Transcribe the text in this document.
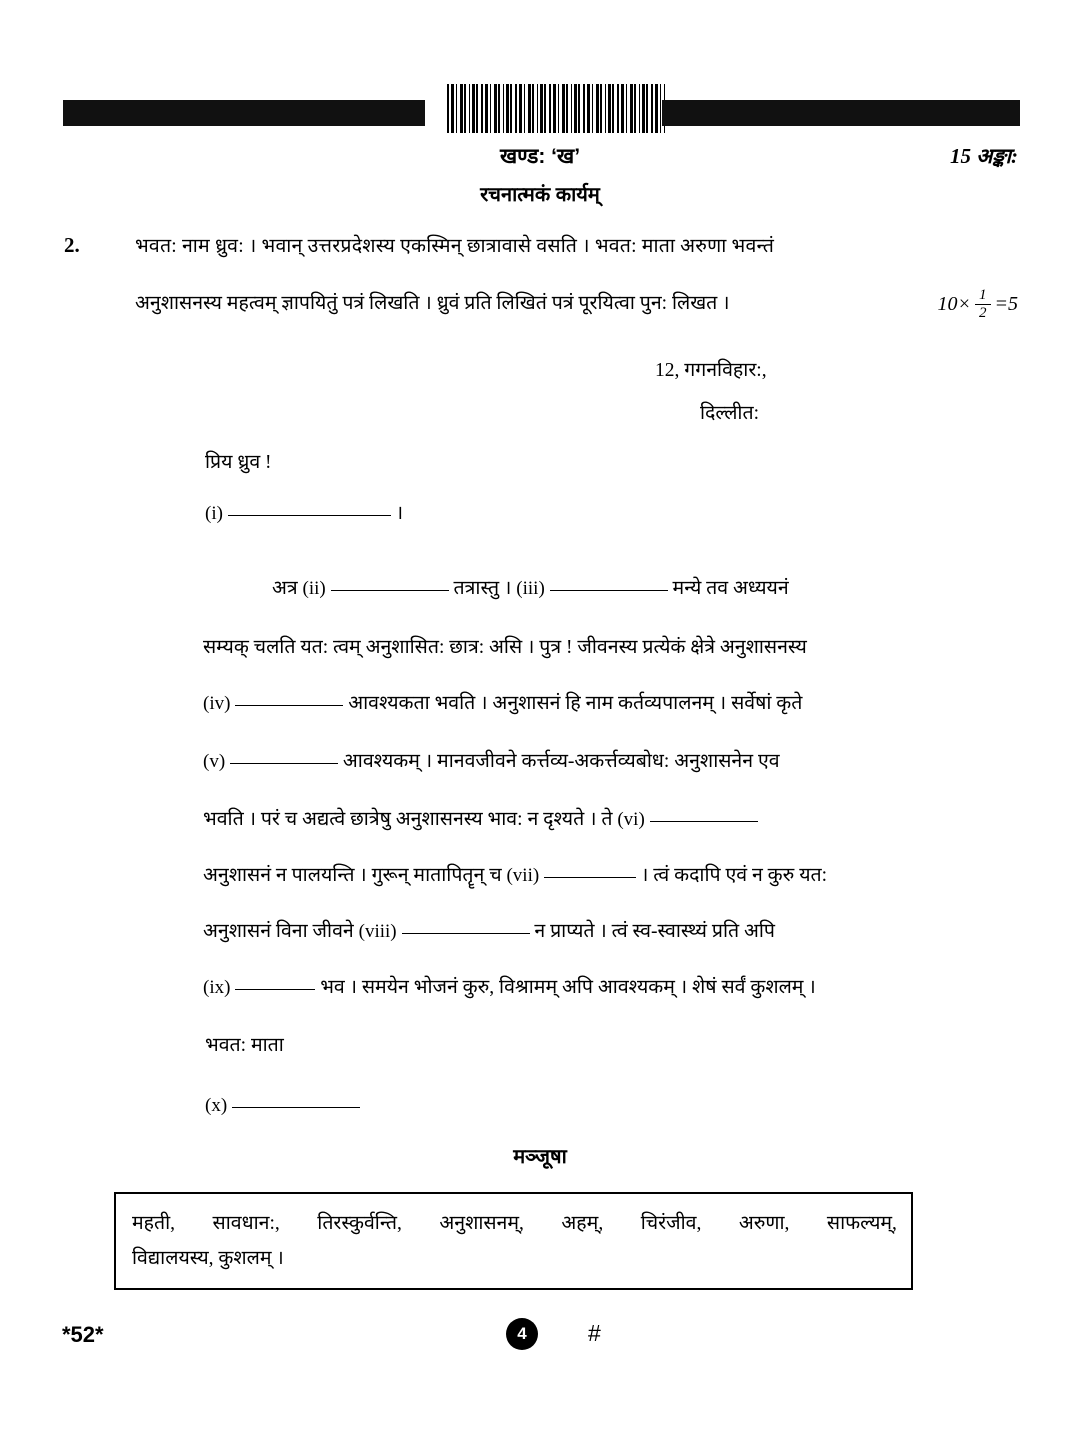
खण्ड: ‘ख’
रचनात्मकं कार्यम्
15 अङ्का:
2.	भवत: नाम ध्रुव: । भवान् उत्तरप्रदेशस्य एकस्मिन् छात्रावासे वसति । भवत: माता अरुणा भवन्तं
अनुशासनस्य महत्वम् ज्ञापयितुं पत्रं लिखति । ध्रुवं प्रति लिखितं पत्रं पूरयित्वा पुन: लिखत ।	$10\times \frac{1}{2} =5$
12, गगनविहार:,
दिल्लीत:
प्रिय ध्रुव !
(i)	।
अत्र (ii)	तत्रास्तु । (iii)	मन्ये तव अध्ययनं
सम्यक् चलति यत: त्वम् अनुशासित: छात्र: असि । पुत्र ! जीवनस्य प्रत्येकं क्षेत्रे अनुशासनस्य
(iv)	आवश्यकता भवति । अनुशासनं हि नाम कर्तव्यपालनम् । सर्वेषां कृते
(v)	आवश्यकम् । मानवजीवने कर्त्तव्य-अकर्त्तव्यबोध: अनुशासनेन एव
भवति । परं च अद्यत्वे छात्रेषु अनुशासनस्य भाव: न दृश्यते । ते (vi)
अनुशासनं न पालयन्ति । गुरून् मातापितॄन् च (vii)	। त्वं कदापि एवं न कुरु यत:
अनुशासनं विना जीवने (viii)	न प्राप्यते । त्वं स्व-स्वास्थ्यं प्रति अपि
(ix)	भव । समयेन भोजनं कुरु, विश्रामम् अपि आवश्यकम् । शेषं सर्वं कुशलम् ।
भवत: माता
(x)
मञ्जूषा
महती, सावधान:, तिरस्कुर्वन्ति, अनुशासनम्, अहम्, चिरंजीव, अरुणा, साफल्यम्,
विद्यालयस्य, कुशलम् ।
*52*	4	#
